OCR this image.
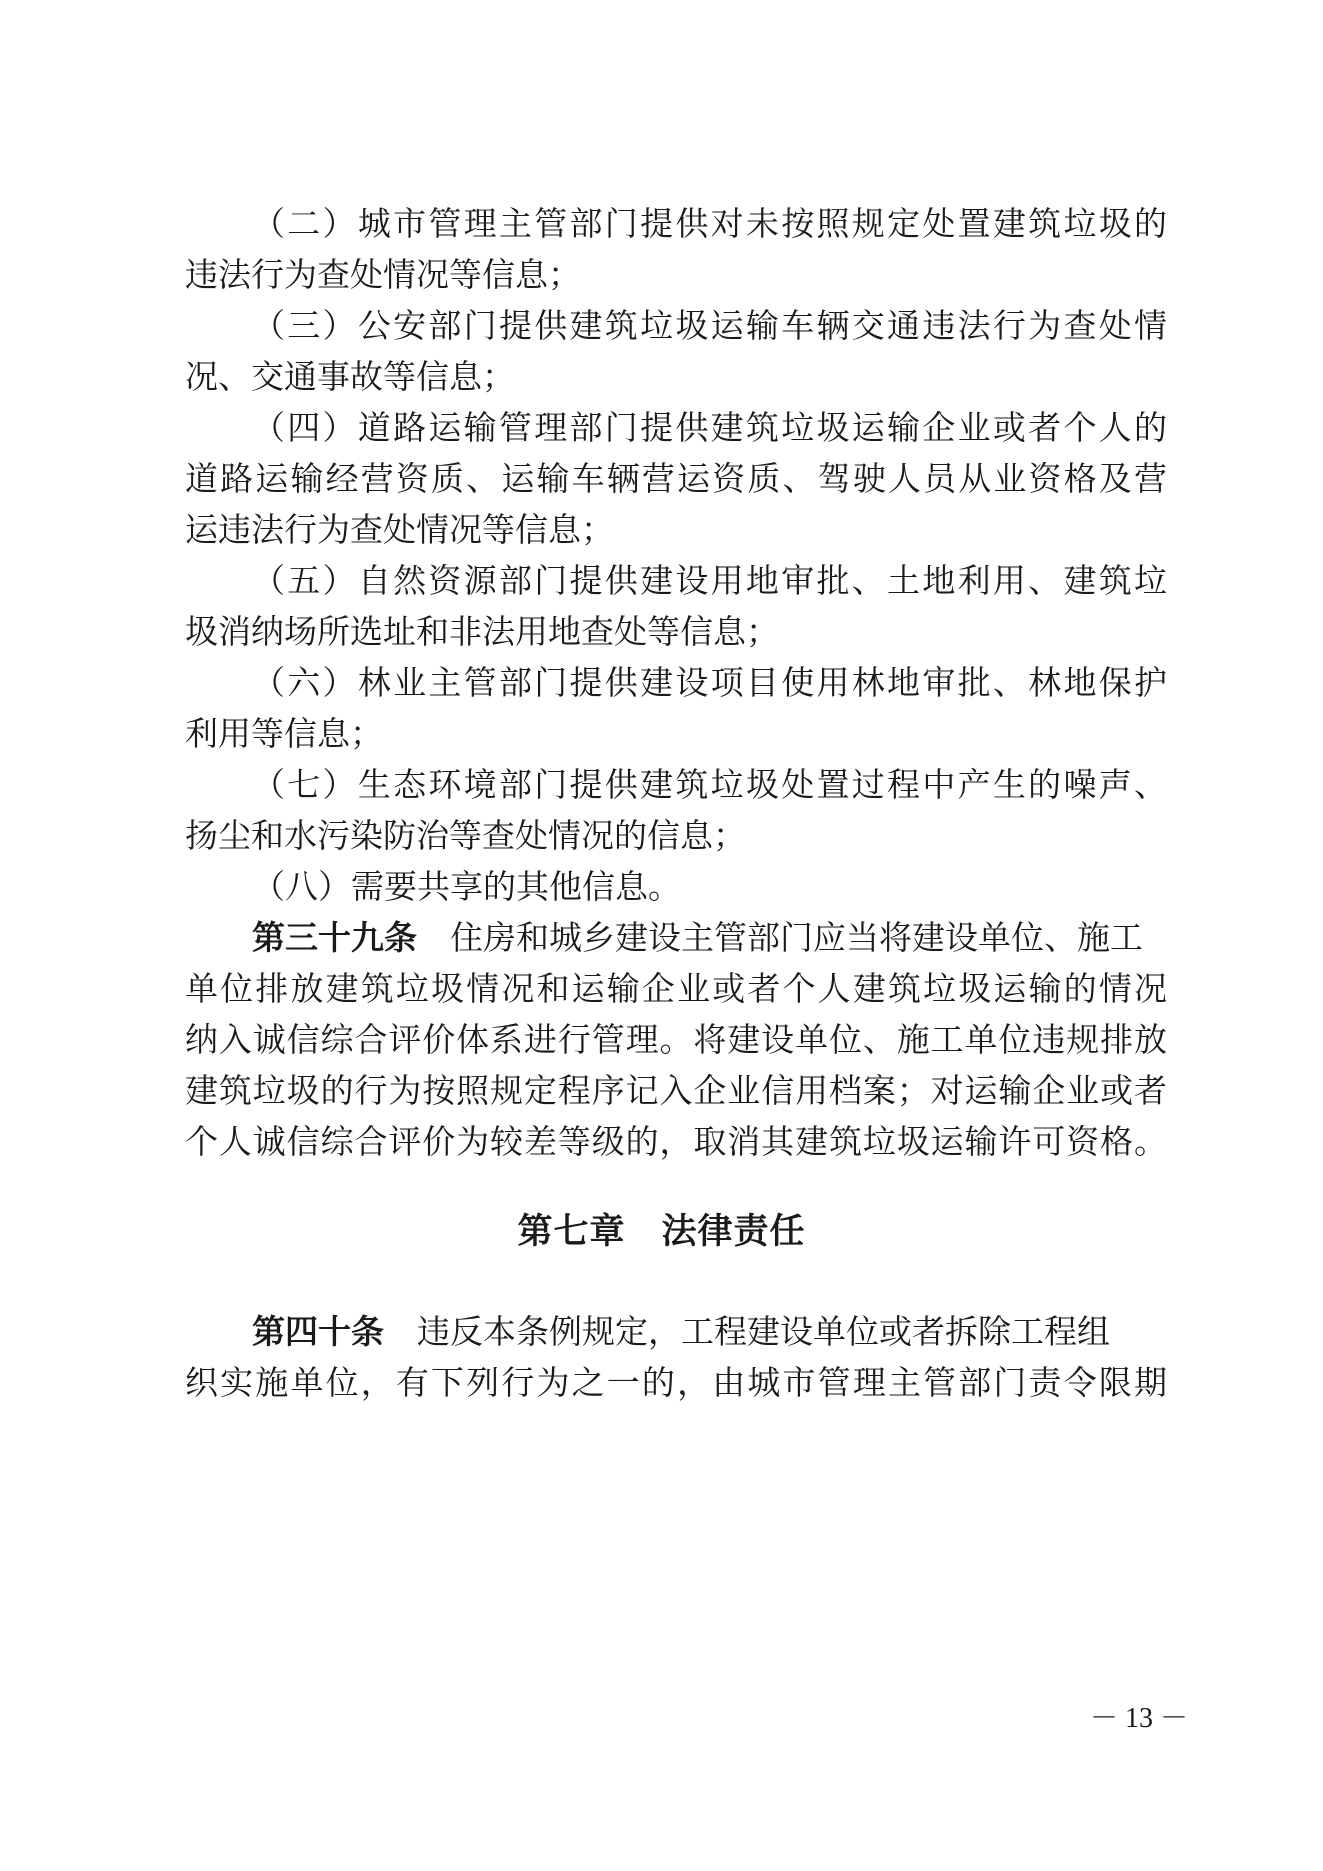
（二）城市管理主管部门提供对未按照规定处置建筑垃圾的
违法行为查处情况等信息；
（三）公安部门提供建筑垃圾运输车辆交通违法行为查处情
况、交通事故等信息；
（四）道路运输管理部门提供建筑垃圾运输企业或者个人的
道路运输经营资质、运输车辆营运资质、驾驶人员从业资格及营
运违法行为查处情况等信息；
（五）自然资源部门提供建设用地审批、土地利用、建筑垃
圾消纳场所选址和非法用地查处等信息；
（六）林业主管部门提供建设项目使用林地审批、林地保护
利用等信息；
（七）生态环境部门提供建筑垃圾处置过程中产生的噪声、
扬尘和水污染防治等查处情况的信息；
（八）需要共享的其他信息。
第三十九条 住房和城乡建设主管部门应当将建设单位、施工
单位排放建筑垃圾情况和运输企业或者个人建筑垃圾运输的情况
纳入诚信综合评价体系进行管理。将建设单位、施工单位违规排放
建筑垃圾的行为按照规定程序记入企业信用档案；对运输企业或者
个人诚信综合评价为较差等级的，取消其建筑垃圾运输许可资格。
第七章　法律责任
第四十条 违反本条例规定，工程建设单位或者拆除工程组
织实施单位，有下列行为之一的，由城市管理主管部门责令限期
－ 13 －
